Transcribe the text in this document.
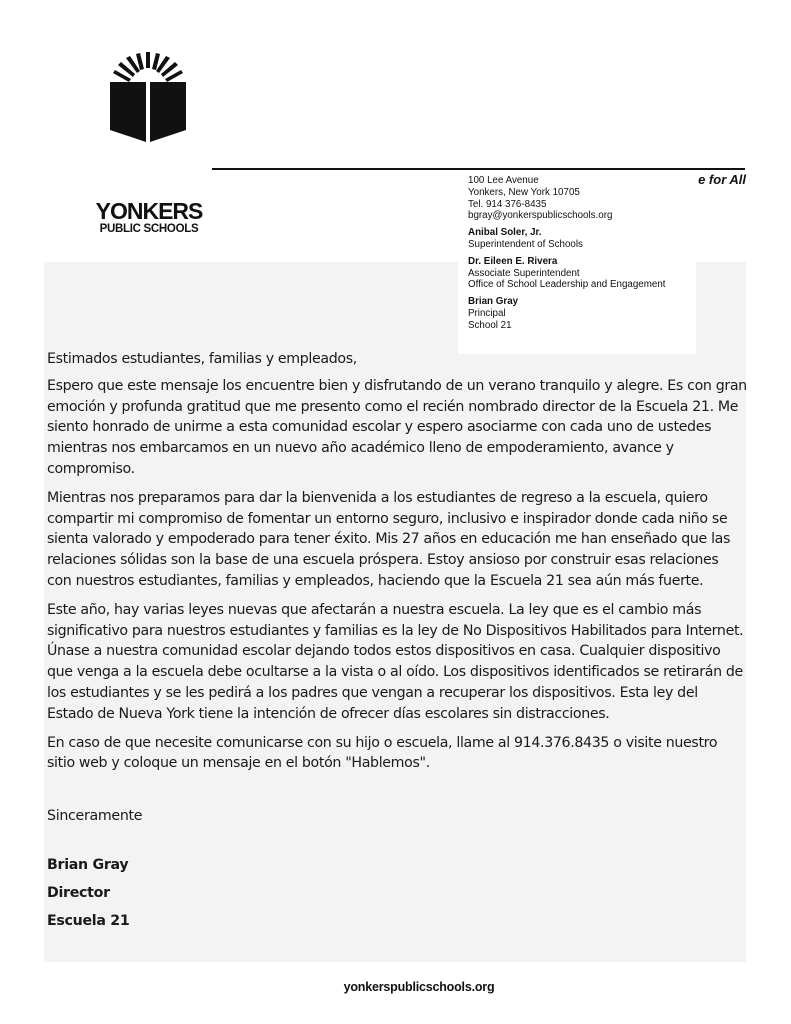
YONKERS

PUBLIC SCHOOLS

e for All

100 Lee Avenue

Yonkers, New York 10705

Tel. 914 376-8435

bgray@yonkerspublicschools.org

Anibal Soler, Jr.

Superintendent of Schools

Dr. Eileen E. Rivera

Associate Superintendent

Office of School Leadership and Engagement

Brian Gray

Principal

School 21

Estimados estudiantes, familias y empleados,

Espero que este mensaje los encuentre bien y disfrutando de un verano tranquilo y alegre. Es con gran emoción y profunda gratitud que me presento como el recién nombrado director de la Escuela 21. Me siento honrado de unirme a esta comunidad escolar y espero asociarme con cada uno de ustedes mientras nos embarcamos en un nuevo año académico lleno de empoderamiento, avance y compromiso.

Mientras nos preparamos para dar la bienvenida a los estudiantes de regreso a la escuela, quiero compartir mi compromiso de fomentar un entorno seguro, inclusivo e inspirador donde cada niño se sienta valorado y empoderado para tener éxito. Mis 27 años en educación me han enseñado que las relaciones sólidas son la base de una escuela próspera. Estoy ansioso por construir esas relaciones con nuestros estudiantes, familias y empleados, haciendo que la Escuela 21 sea aún más fuerte.

Este año, hay varias leyes nuevas que afectarán a nuestra escuela. La ley que es el cambio más significativo para nuestros estudiantes y familias es la ley de No Dispositivos Habilitados para Internet. Únase a nuestra comunidad escolar dejando todos estos dispositivos en casa. Cualquier dispositivo que venga a la escuela debe ocultarse a la vista o al oído. Los dispositivos identificados se retirarán de los estudiantes y se les pedirá a los padres que vengan a recuperar los dispositivos. Esta ley del Estado de Nueva York tiene la intención de ofrecer días escolares sin distracciones.

En caso de que necesite comunicarse con su hijo o escuela, llame al 914.376.8435 o visite nuestro sitio web y coloque un mensaje en el botón "Hablemos".

Sinceramente

Brian Gray

Director

Escuela 21

yonkerspublicschools.org
